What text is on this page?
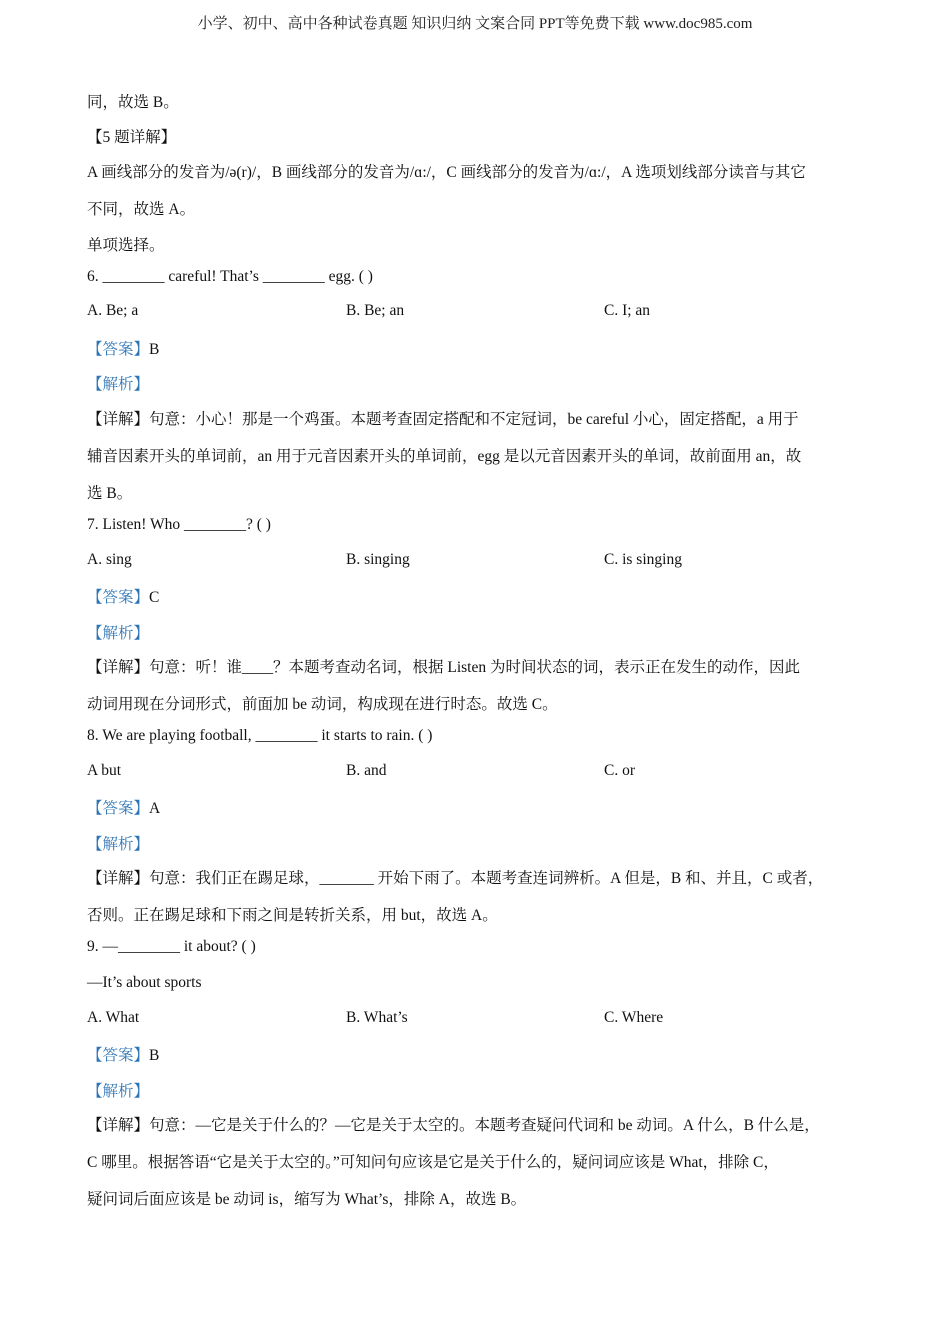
小学、初中、高中各种试卷真题 知识归纳 文案合同 PPT等免费下载 www.doc985.com
同，故选 B。
【5 题详解】
A 画线部分的发音为/ə(r)/，B 画线部分的发音为/ɑ:/，C 画线部分的发音为/ɑ:/，A 选项划线部分读音与其它
不同，故选 A。
单项选择。
6. ________ careful! That’s ________ egg. ( )
A. Be; a	B. Be; an	C. I; an
【答案】B
【解析】
【详解】句意：小心！那是一个鸡蛋。本题考查固定搭配和不定冠词，be careful 小心，固定搭配，a 用于
辅音因素开头的单词前，an 用于元音因素开头的单词前，egg 是以元音因素开头的单词，故前面用 an，故
选 B。
7. Listen! Who ________? ( )
A. sing	B. singing	C. is singing
【答案】C
【解析】
【详解】句意：听！谁____？本题考查动名词，根据 Listen 为时间状态的词，表示正在发生的动作，因此
动词用现在分词形式，前面加 be 动词，构成现在进行时态。故选 C。
8. We are playing football, ________ it starts to rain. ( )
A but	B. and	C. or
【答案】A
【解析】
【详解】句意：我们正在踢足球，_______ 开始下雨了。本题考查连词辨析。A 但是，B 和、并且，C 或者，
否则。正在踢足球和下雨之间是转折关系，用 but，故选 A。
9. —________ it about? ( )
—It’s about sports
A. What	B. What’s	C. Where
【答案】B
【解析】
【详解】句意：—它是关于什么的？—它是关于太空的。本题考查疑问代词和 be 动词。A 什么，B 什么是，
C 哪里。根据答语“它是关于太空的。”可知问句应该是它是关于什么的，疑问词应该是 What，排除 C，
疑问词后面应该是 be 动词 is，缩写为 What’s，排除 A，故选 B。
